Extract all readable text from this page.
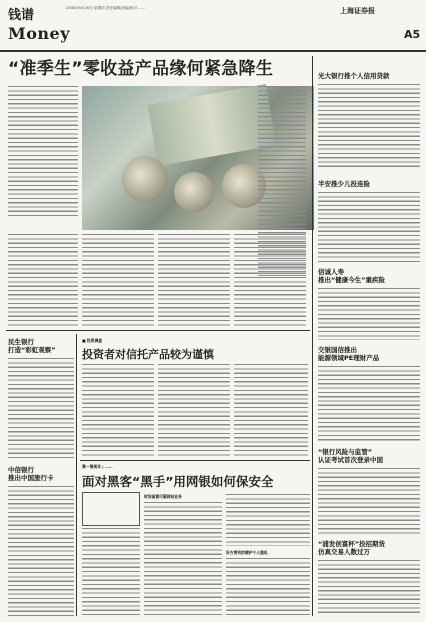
钱谱
Money
2008年6月26日 星期四 责任编辑|美编|校对 ……	上海证券报
A5
“准季生”零收益产品缘何紧急降生	光大银行推个人信用贷款
半安推少儿投连险
信诚人寿
推出“健康今生”重疾险
交银国信推出
能源领域PE理财产品
“银行风险与监管”
认证考试首次登录中国
“浦发创富杯”投招期货
仿真交易人数过万
民生银行
打造“彩虹观察”
中信银行
推出中国旅行卡
■ 投资调查
投资者对信托产品较为谨慎
第一第周年 | ……
面对黑客“黑手”用网银如何保安全
时刻留意可疑网站业务
好方要有防御护个人隐私
